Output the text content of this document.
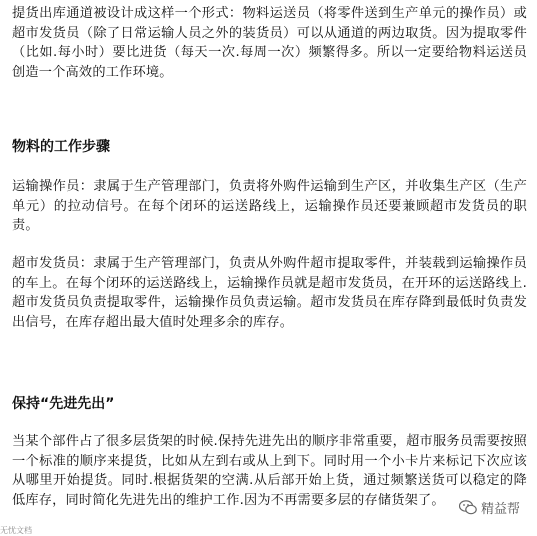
提货出库通道被设计成这样一个形式：物料运送员（将零件送到生产单元的操作员）或超市发货员（除了日常运输人员之外的装货员）可以从通道的两边取货。因为提取零件（比如.每小时）要比进货（每天一次.每周一次）频繁得多。所以一定要给物料运送员创造一个高效的工作环境。

物料的工作步骤

运输操作员：隶属于生产管理部门，负责将外购件运输到生产区，并收集生产区（生产单元）的拉动信号。在每个闭环的运送路线上，运输操作员还要兼顾超市发货员的职责。

超市发货员：隶属于生产管理部门，负责从外购件超市提取零件，并装载到运输操作员的车上。在每个闭环的运送路线上，运输操作员就是超市发货员，在开环的运送路线上.超市发货员负责提取零件，运输操作员负责运输。超市发货员在库存降到最低时负责发出信号，在库存超出最大值时处理多余的库存。

保持“先进先出”

当某个部件占了很多层货架的时候.保持先进先出的顺序非常重要，超市服务员需要按照一个标准的顺序来提货，比如从左到右或从上到下。同时用一个小卡片来标记下次应该从哪里开始提货。同时.根据货架的空满.从后部开始上货，通过频繁送货可以稳定的降低库存，同时简化先进先出的维护工作.因为不再需要多层的存储货架了。

精益帮
无忧文档
